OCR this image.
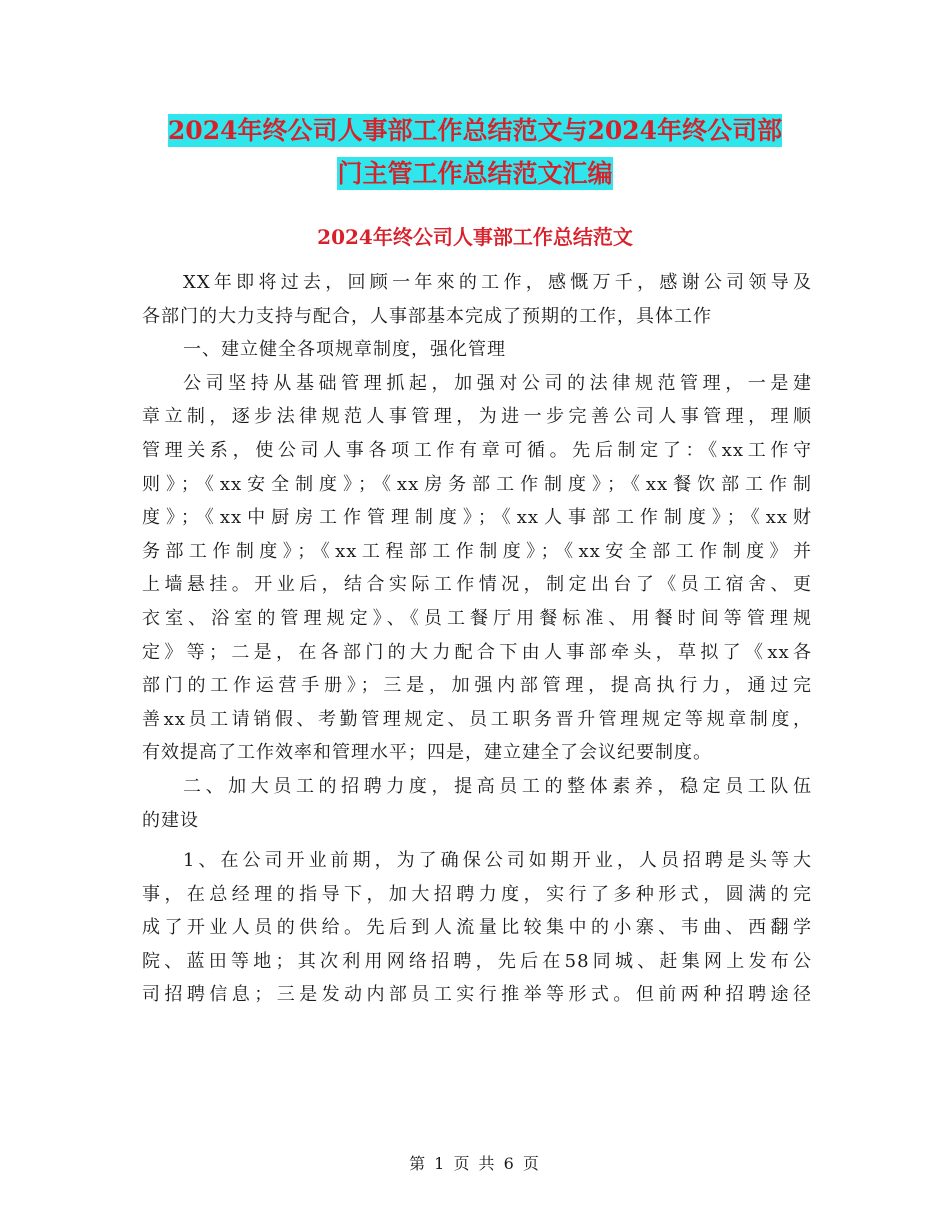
2024年终公司人事部工作总结范文与2024年终公司部
门主管工作总结范文汇编
2024年终公司人事部工作总结范文
XX年即将过去，回顾一年來的工作，感慨万千，感谢公司领导及
各部门的大力支持与配合，人事部基本完成了预期的工作，具体工作
一、建立健全各项规章制度，强化管理
公司坚持从基础管理抓起，加强对公司的法律规范管理，一是建
章立制，逐步法律规范人事管理，为进一步完善公司人事管理，理顺
管理关系，使公司人事各项工作有章可循。先后制定了：《xx工作守
则》；《xx安全制度》；《xx房务部工作制度》；《xx餐饮部工作制
度》；《xx中厨房工作管理制度》；《xx人事部工作制度》；《xx财
务部工作制度》；《xx工程部工作制度》；《xx安全部工作制度》并
上墙悬挂。开业后，结合实际工作情况，制定出台了《员工宿舍、更
衣室、浴室的管理规定》、《员工餐厅用餐标准、用餐时间等管理规
定》等；二是，在各部门的大力配合下由人事部牵头，草拟了《xx各
部门的工作运营手册》；三是，加强内部管理，提高执行力，通过完
善xx员工请销假、考勤管理规定、员工职务晋升管理规定等规章制度，
有效提高了工作效率和管理水平；四是，建立建全了会议纪要制度。
二、加大员工的招聘力度，提高员工的整体素养，稳定员工队伍
的建设
1、在公司开业前期，为了确保公司如期开业，人员招聘是头等大
事，在总经理的指导下，加大招聘力度，实行了多种形式，圆满的完
成了开业人员的供给。先后到人流量比较集中的小寨、韦曲、西翻学
院、蓝田等地；其次利用网络招聘，先后在58同城、赶集网上发布公
司招聘信息；三是发动内部员工实行推举等形式。但前两种招聘途径
第 1 页 共 6 页
